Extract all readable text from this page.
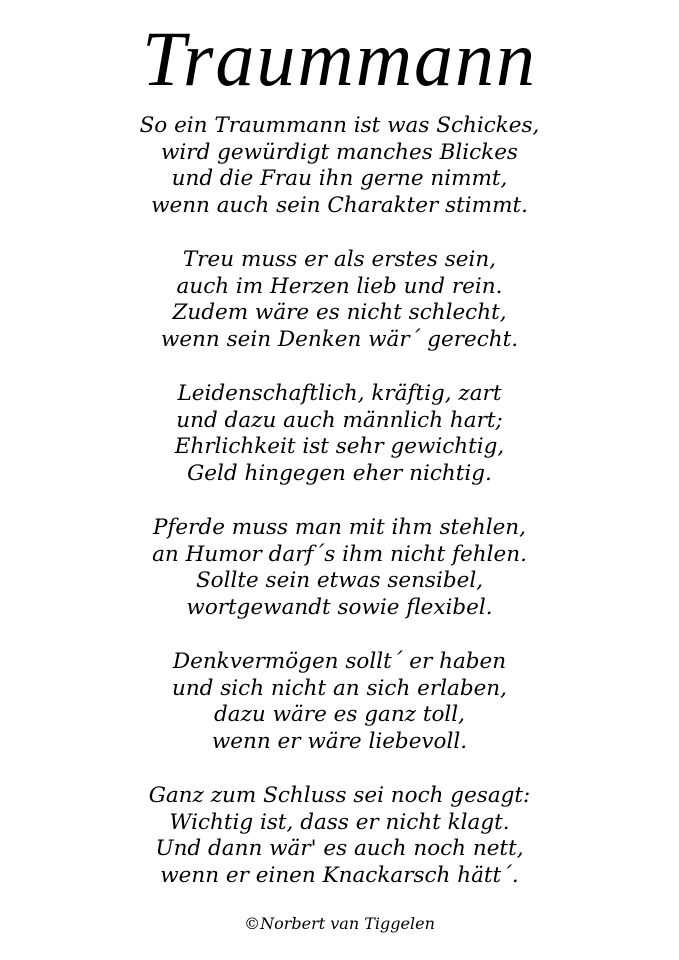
Traummann
So ein Traummann ist was Schickes,
wird gewürdigt manches Blickes
und die Frau ihn gerne nimmt,
wenn auch sein Charakter stimmt.
Treu muss er als erstes sein,
auch im Herzen lieb und rein.
Zudem wäre es nicht schlecht,
wenn sein Denken wär´ gerecht.
Leidenschaftlich, kräftig, zart
und dazu auch männlich hart;
Ehrlichkeit ist sehr gewichtig,
Geld hingegen eher nichtig.
Pferde muss man mit ihm stehlen,
an Humor darf´s ihm nicht fehlen.
Sollte sein etwas sensibel,
wortgewandt sowie flexibel.
Denkvermögen sollt´ er haben
und sich nicht an sich erlaben,
dazu wäre es ganz toll,
wenn er wäre liebevoll.
Ganz zum Schluss sei noch gesagt:
Wichtig ist, dass er nicht klagt.
Und dann wär' es auch noch nett,
wenn er einen Knackarsch hätt´.
©Norbert van Tiggelen
